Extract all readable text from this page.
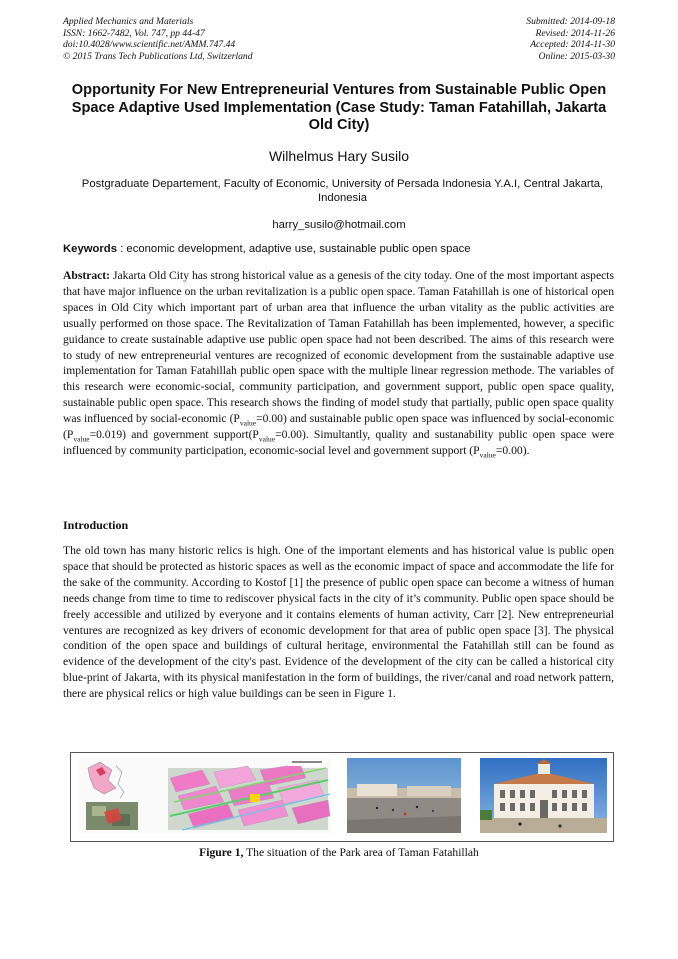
Applied Mechanics and Materials
ISSN: 1662-7482, Vol. 747, pp 44-47
doi:10.4028/www.scientific.net/AMM.747.44
© 2015 Trans Tech Publications Ltd, Switzerland
Submitted: 2014-09-18
Revised: 2014-11-26
Accepted: 2014-11-30
Online: 2015-03-30
Opportunity For New Entrepreneurial Ventures from Sustainable Public Open Space Adaptive Used Implementation (Case Study: Taman Fatahillah, Jakarta Old City)
Wilhelmus Hary Susilo
Postgraduate Departement, Faculty of Economic, University of Persada Indonesia Y.A.I, Central Jakarta, Indonesia
harry_susilo@hotmail.com
Keywords : economic development, adaptive use, sustainable public open space

Abstract: Jakarta Old City has strong historical value as a genesis of the city today. One of the most important aspects that have major influence on the urban revitalization is a public open space. Taman Fatahillah is one of historical open spaces in Old City which important part of urban area that influence the urban vitality as the public activities are usually performed on those space. The Revitalization of Taman Fatahillah has been implemented, however, a specific guidance to create sustainable adaptive use public open space had not been described. The aims of this research were to study of new entrepreneurial ventures are recognized of economic development from the sustainable adaptive use implementation for Taman Fatahillah public open space with the multiple linear regression methode. The variables of this research were economic-social, community participation, and government support, public open space quality, sustainable public open space. This research shows the finding of model study that partially, public open space quality was influenced by social-economic $(P_{value}=0.00)$ and sustainable public open space was influenced by social-economic $(P_{value}=0.019)$ and government $support(P_{value}=0.00)$. Simultantly, quality and sustanability public open space were influenced by community participation, economic-social level and government support $(P_{value}=0.00)$.

Introduction

The old town has many historic relics is high. One of the important elements and has historical value is public open space that should be protected as historic spaces as well as the economic impact of space and accommodate the life for the sake of the community. According to Kostof [1] the presence of public open space can become a witness of human needs change from time to time to rediscover physical facts in the city of it’s community. Public open space should be freely accessible and utilized by everyone and it contains elements of human activity, Carr [2]. New entrepreneurial ventures are recognized as key drivers of economic development for that area of public open space [3]. The physical condition of the open space and buildings of cultural heritage, environmental the Fatahillah still can be found as evidence of the development of the city's past. Evidence of the development of the city can be called a historical city blue-print of Jakarta, with its physical manifestation in the form of buildings, the river/canal and road network pattern, there are physical relics or high value buildings can be seen in Figure 1.

Figure 1, The situation of the Park area of Taman Fatahillah
